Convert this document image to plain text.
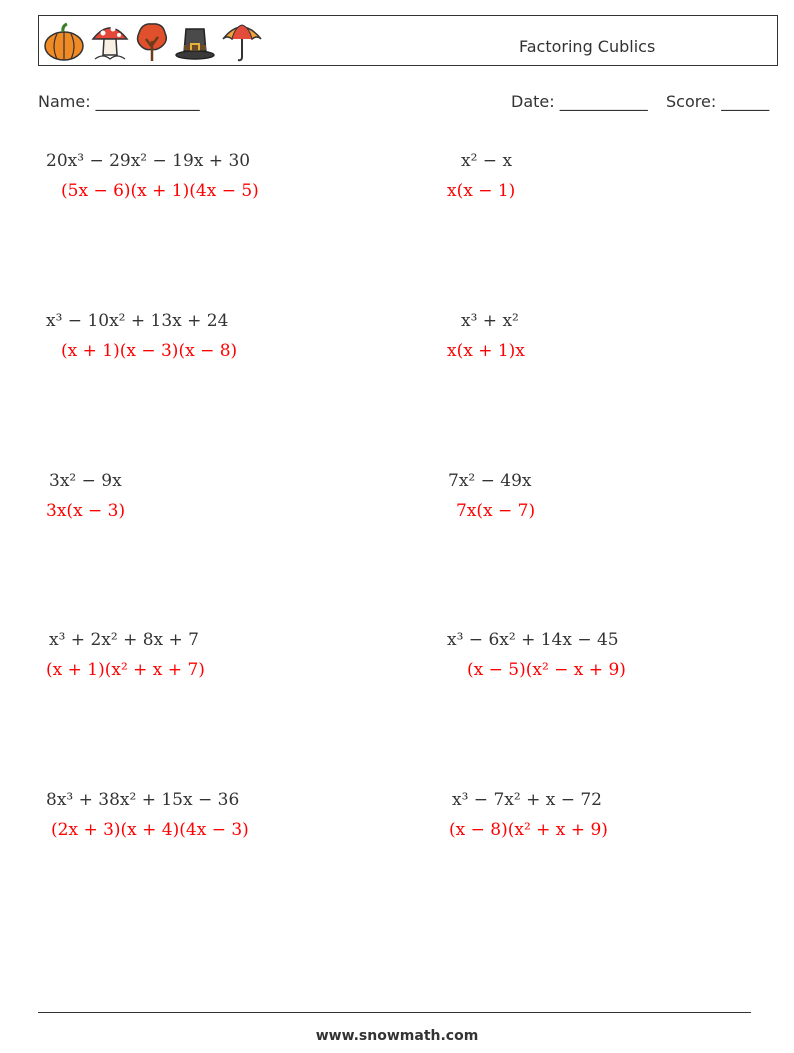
Factoring Cublics
Name: _____________	Date: ___________ Score: ______
20x³ − 29x² − 19x + 30
(5x − 6)(x + 1)(4x − 5)
x² − x
x(x − 1)
x³ − 10x² + 13x + 24
(x + 1)(x − 3)(x − 8)
x³ + x²
x(x + 1)x
3x² − 9x
3x(x − 3)
7x² − 49x
7x(x − 7)
x³ + 2x² + 8x + 7
(x + 1)(x² + x + 7)
x³ − 6x² + 14x − 45
(x − 5)(x² − x + 9)
8x³ + 38x² + 15x − 36
(2x + 3)(x + 4)(4x − 3)
x³ − 7x² + x − 72
(x − 8)(x² + x + 9)
www.snowmath.com
